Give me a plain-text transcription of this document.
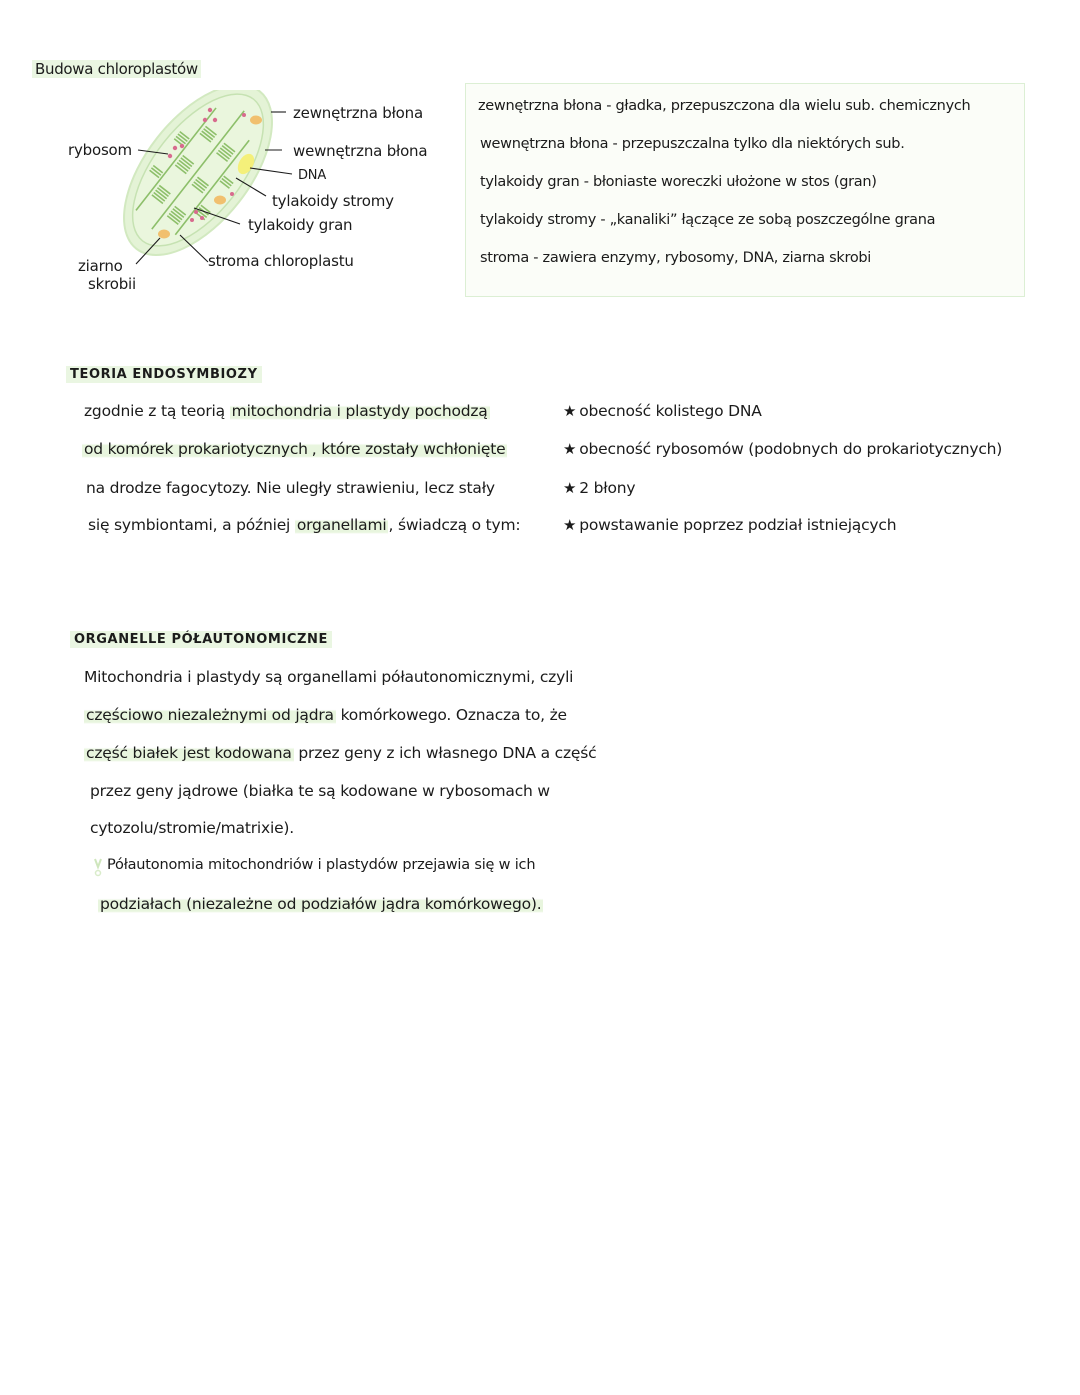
Budowa chloroplastów
zewnętrzna błona
wewnętrzna błona
DNA
tylakoidy stromy
tylakoidy gran
stroma chloroplastu
rybosom
ziarno
skrobii
zewnętrzna błona - gładka, przepuszczona dla wielu sub. chemicznych
wewnętrzna błona - przepuszczalna tylko dla niektórych sub.
tylakoidy gran - błoniaste woreczki ułożone w stos (gran)
tylakoidy stromy - „kanaliki” łączące ze sobą poszczególne grana
stroma - zawiera enzymy, rybosomy, DNA, ziarna skrobi
TEORIA ENDOSYMBIOZY
zgodnie z tą teorią mitochondria i plastydy pochodzą
od komórek prokariotycznych , które zostały wchłonięte
na drodze fagocytozy. Nie uległy strawieniu, lecz stały
się symbiontami, a później organellami , świadczą o tym:
★ obecność kolistego DNA
★ obecność rybosomów (podobnych do prokariotycznych)
★ 2 błony
★ powstawanie poprzez podział istniejących
ORGANELLE PÓŁAUTONOMICZNE
Mitochondria i plastydy są organellami półautonomicznymi, czyli
częściowo niezależnymi od jądra komórkowego. Oznacza to, że
część białek jest kodowana przez geny z ich własnego DNA a część
przez geny jądrowe (białka te są kodowane w rybosomach w
cytozolu/stromie/matrixie).
Półautonomia mitochondriów i plastydów przejawia się w ich
podziałach (niezależne od podziałów jądra komórkowego).
